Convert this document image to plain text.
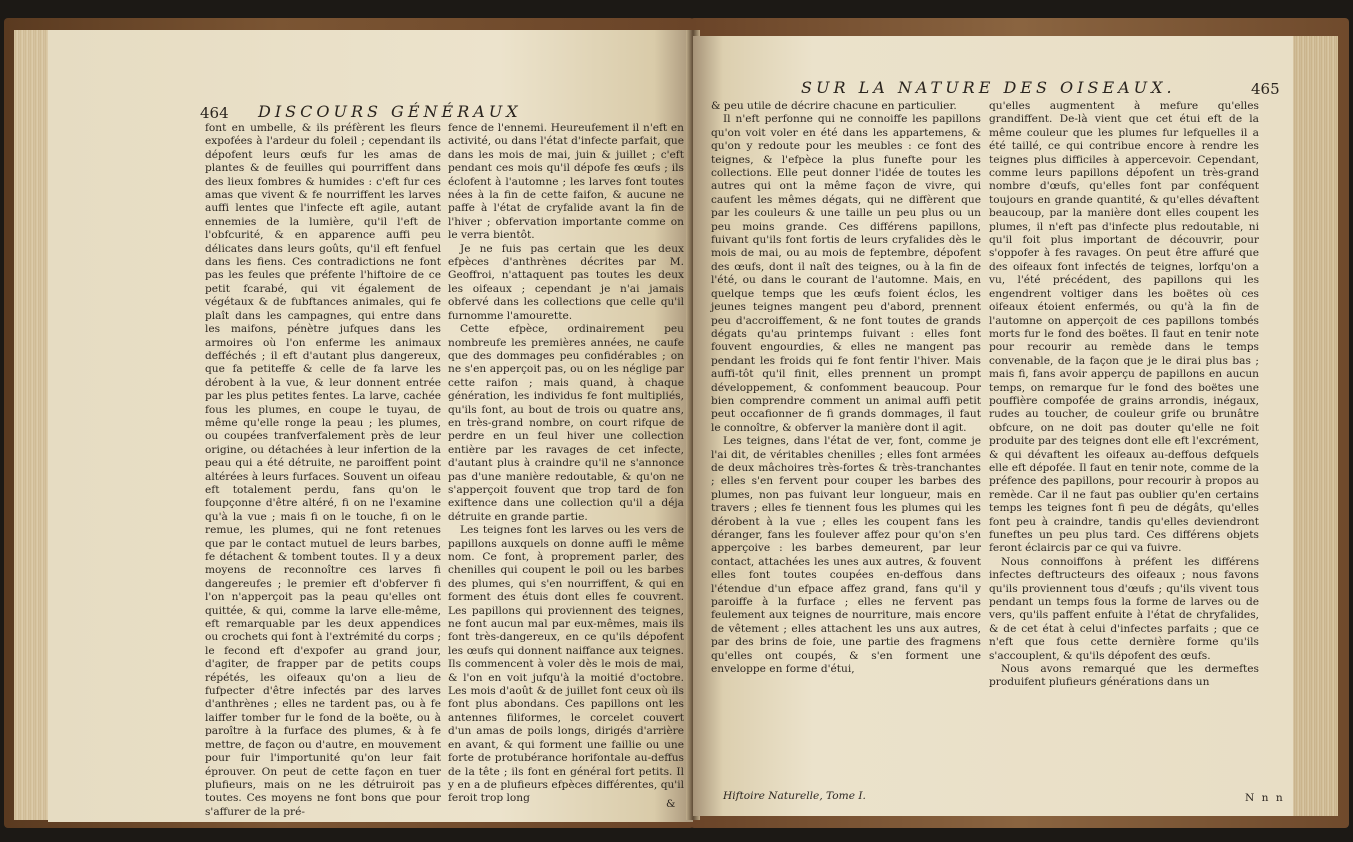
464 DISCOURS GÉNÉRAUX

font en umbelle, & ils préfèrent les fleurs expofées à l'ardeur du foleil ; cependant ils dépofent leurs œufs fur les amas de plantes & de feuilles qui pourriffent dans des lieux fombres & humides : c'eft fur ces amas que vivent & fe nourriffent les larves auffi lentes que l'infecte eft agile, autant ennemies de la lumière, qu'il l'eft de l'obfcurité, & en apparence auffi peu délicates dans leurs goûts, qu'il eft fenfuel dans les fiens. Ces contradictions ne font pas les feules que préfente l'hiftoire de ce petit fcarabé, qui vit également de végétaux & de fubftances animales, qui fe plaît dans les campagnes, qui entre dans les maifons, pénètre jufques dans les armoires où l'on enferme les animaux defféchés ; il eft d'autant plus dangereux, que fa petiteffe & celle de fa larve les dérobent à la vue, & leur donnent entrée par les plus petites fentes. La larve, cachée fous les plumes, en coupe le tuyau, de même qu'elle ronge la peau ; les plumes, ou coupées tranfverfalement près de leur origine, ou détachées à leur infertion de la peau qui a été détruite, ne paroiffent point altérées à leurs furfaces. Souvent un oifeau eft totalement perdu, fans qu'on le foupçonne d'être altéré, fi on ne l'examine qu'à la vue ; mais fi on le touche, fi on le remue, les plumes, qui ne font retenues que par le contact mutuel de leurs barbes, fe détachent & tombent toutes. Il y a deux moyens de reconnoître ces larves fi dangereufes ; le premier eft d'obferver fi l'on n'apperçoit pas la peau qu'elles ont quittée, & qui, comme la larve elle-même, eft remarquable par les deux appendices ou crochets qui font à l'extrémité du corps ; le fecond eft d'expofer au grand jour, d'agiter, de frapper par de petits coups répétés, les oifeaux qu'on a lieu de fufpecter d'être infectés par des larves d'anthrènes ; elles ne tardent pas, ou à fe laiffer tomber fur le fond de la boëte, ou à paroître à la furface des plumes, & à fe mettre, de façon ou d'autre, en mouvement pour fuir l'importunité qu'on leur fait éprouver. On peut de cette façon en tuer plufieurs, mais on ne les détruiroit pas toutes. Ces moyens ne font bons que pour s'affurer de la pré-

fence de l'ennemi. Heureufement il n'eft en activité, ou dans l'état d'infecte parfait, que dans les mois de mai, juin & juillet ; c'eft pendant ces mois qu'il dépofe fes œufs ; ils éclofent à l'automne ; les larves font toutes nées à la fin de cette faifon, & aucune ne paffe à l'état de cryfalide avant la fin de l'hiver ; obfervation importante comme on le verra bientôt.

Je ne fuis pas certain que les deux efpèces d'anthrènes décrites par M. Geoffroi, n'attaquent pas toutes les deux les oifeaux ; cependant je n'ai jamais obfervé dans les collections que celle qu'il furnomme l'amourette.

Cette efpèce, ordinairement peu nombreufe les premières années, ne caufe que des dommages peu confidérables ; on ne s'en apperçoit pas, ou on les néglige par cette raifon ; mais quand, à chaque génération, les individus fe font multipliés, qu'ils font, au bout de trois ou quatre ans, en très-grand nombre, on court rifque de perdre en un feul hiver une collection entière par les ravages de cet infecte, d'autant plus à craindre qu'il ne s'annonce pas d'une manière redoutable, & qu'on ne s'apperçoit fouvent que trop tard de fon exiftence dans une collection qu'il a déja détruite en grande partie.

Les teignes font les larves ou les vers de papillons auxquels on donne auffi le même nom. Ce font, à proprement parler, des chenilles qui coupent le poil ou les barbes des plumes, qui s'en nourriffent, & qui en forment des étuis dont elles fe couvrent. Les papillons qui proviennent des teignes, ne font aucun mal par eux-mêmes, mais ils font très-dangereux, en ce qu'ils dépofent les œufs qui donnent naiffance aux teignes. Ils commencent à voler dès le mois de mai, & l'on en voit jufqu'à la moitié d'octobre. Les mois d'août & de juillet font ceux où ils font plus abondans. Ces papillons ont les antennes filiformes, le corcelet couvert d'un amas de poils longs, dirigés d'arrière en avant, & qui forment une faillie ou une forte de protubérance horifontale au-deffus de la tête ; ils font en général fort petits. Il y en a de plufieurs efpèces différentes, qu'il feroit trop long	&
SUR LA NATURE DES OISEAUX.	465

& peu utile de décrire chacune en particulier.

Il n'eft perfonne qui ne connoiffe les papillons qu'on voit voler en été dans les appartemens, & qu'on y redoute pour les meubles : ce font des teignes, & l'efpèce la plus funefte pour les collections. Elle peut donner l'idée de toutes les autres qui ont la même façon de vivre, qui caufent les mêmes dégats, qui ne diffèrent que par les couleurs & une taille un peu plus ou un peu moins grande. Ces différens papillons, fuivant qu'ils font fortis de leurs cryfalides dès le mois de mai, ou au mois de feptembre, dépofent des œufs, dont il naît des teignes, ou à la fin de l'été, ou dans le courant de l'automne. Mais, en quelque temps que les œufs foient éclos, les jeunes teignes mangent peu d'abord, prennent peu d'accroiffement, & ne font toutes de grands dégats qu'au printemps fuivant : elles font fouvent engourdies, & elles ne mangent pas pendant les froids qui fe font fentir l'hiver. Mais auffi-tôt qu'il finit, elles prennent un prompt développement, & confomment beaucoup. Pour bien comprendre comment un animal auffi petit peut occafionner de fi grands dommages, il faut le connoître, & obferver la manière dont il agit.

Les teignes, dans l'état de ver, font, comme je l'ai dit, de véritables chenilles ; elles font armées de deux mâchoires très-fortes & très-tranchantes ; elles s'en fervent pour couper les barbes des plumes, non pas fuivant leur longueur, mais en travers ; elles fe tiennent fous les plumes qui les dérobent à la vue ; elles les coupent fans les déranger, fans les foulever affez pour qu'on s'en apperçoive : les barbes demeurent, par leur contact, attachées les unes aux autres, & fouvent elles font toutes coupées en-deffous dans l'étendue d'un efpace affez grand, fans qu'il y paroiffe à la furface ; elles ne fervent pas feulement aux teignes de nourriture, mais encore de vêtement ; elles attachent les uns aux autres, par des brins de foie, une partie des fragmens qu'elles ont coupés, & s'en forment une enveloppe en forme d'étui,

qu'elles augmentent à mefure qu'elles grandiffent. De-là vient que cet étui eft de la même couleur que les plumes fur lefquelles il a été taillé, ce qui contribue encore à rendre les teignes plus difficiles à appercevoir. Cependant, comme leurs papillons dépofent un très-grand nombre d'œufs, qu'elles font par conféquent toujours en grande quantité, & qu'elles dévaftent beaucoup, par la manière dont elles coupent les plumes, il n'eft pas d'infecte plus redoutable, ni qu'il foit plus important de découvrir, pour s'oppofer à fes ravages. On peut être affuré que des oifeaux font infectés de teignes, lorfqu'on a vu, l'été précédent, des papillons qui les engendrent voltiger dans les boëtes où ces oifeaux étoient enfermés, ou qu'à la fin de l'automne on apperçoit de ces papillons tombés morts fur le fond des boëtes. Il faut en tenir note pour recourir au remède dans le temps convenable, de la façon que je le dirai plus bas ; mais fi, fans avoir apperçu de papillons en aucun temps, on remarque fur le fond des boëtes une pouffière compofée de grains arrondis, inégaux, rudes au toucher, de couleur grife ou brunâtre obfcure, on ne doit pas douter qu'elle ne foit produite par des teignes dont elle eft l'excrément, & qui dévaftent les oifeaux au-deffous defquels elle eft dépofée. Il faut en tenir note, comme de la préfence des papillons, pour recourir à propos au remède. Car il ne faut pas oublier qu'en certains temps les teignes font fi peu de dégâts, qu'elles font peu à craindre, tandis qu'elles deviendront funeftes un peu plus tard. Ces différens objets feront éclaircis par ce qui va fuivre.

Nous connoiffons à préfent les différens infectes deftructeurs des oifeaux ; nous favons qu'ils proviennent tous d'œufs ; qu'ils vivent tous pendant un temps fous la forme de larves ou de vers, qu'ils paffent enfuite à l'état de chryfalides, & de cet état à celui d'infectes parfaits ; que ce n'eft que fous cette dernière forme qu'ils s'accouplent, & qu'ils dépofent des œufs.

Nous avons remarqué que les dermeftes produifent plufieurs générations dans un

Hiftoire Naturelle, Tome I.	N n n
